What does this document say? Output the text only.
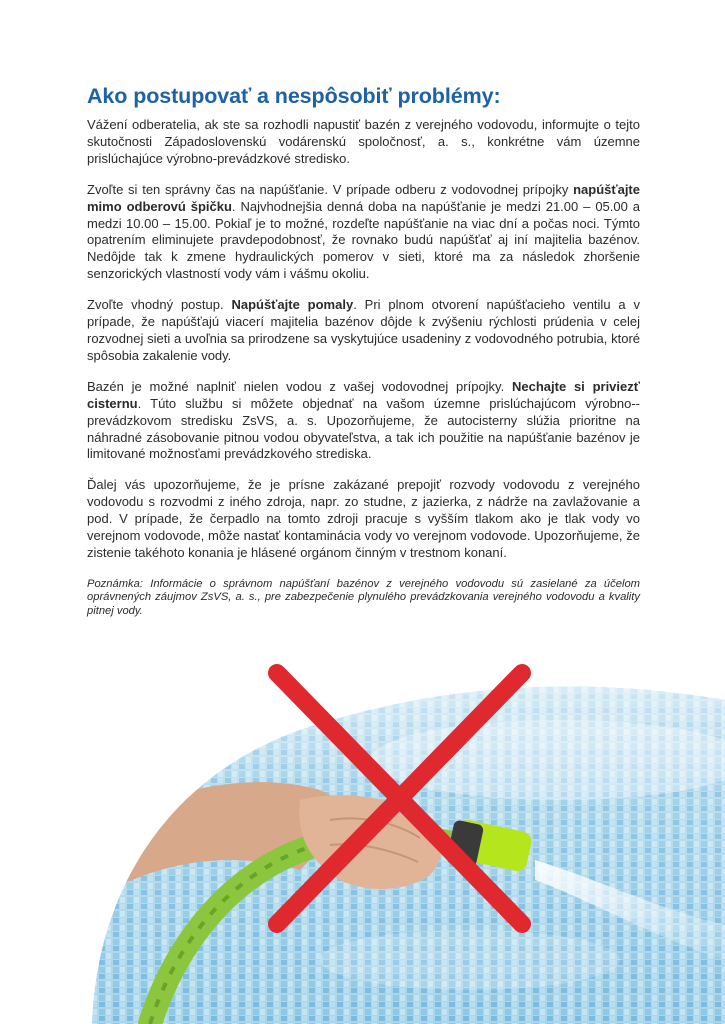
Ako postupovať a nespôsobiť problémy:

Vážení odberatelia, ak ste sa rozhodli napustiť bazén z verejného vodovodu, informujte o tejto skutočnosti Západoslovenskú vodárenskú spoločnosť, a. s., konkrétne vám územne prislúchajúce výrobno-prevádzkové stredisko.

Zvoľte si ten správny čas na napúšťanie. V prípade odberu z vodovodnej prípojky napúšťajte mimo odberovú špičku. Najvhodnejšia denná doba na napúšťanie je medzi 21.00 – 05.00 a medzi 10.00 – 15.00. Pokiaľ je to možné, rozdeľte napúšťanie na viac dní a počas noci. Týmto opatrením eliminujete pravdepodobnosť, že rovnako budú napúšťať aj iní majitelia bazénov. Nedôjde tak k zmene hydraulických pomerov v sieti, ktoré ma za následok zhoršenie senzorických vlastností vody vám i vášmu okoliu.

Zvoľte vhodný postup. Napúšťajte pomaly. Pri plnom otvorení napúšťacieho ventilu a v prípade, že napúšťajú viacerí majitelia bazénov dôjde k zvýšeniu rýchlosti prúdenia v celej rozvodnej sieti a uvoľnia sa prirodzene sa vyskytujúce usadeniny z vodovodného potrubia, ktoré spôsobia zakalenie vody.

Bazén je možné naplniť nielen vodou z vašej vodovodnej prípojky. Nechajte si priviezť cisternu. Túto službu si môžete objednať na vašom územne prislúchajúcom výrobno--prevádzkovom stredisku ZsVS, a. s. Upozorňujeme, že autocisterny slúžia prioritne na náhradné zásobovanie pitnou vodou obyvateľstva, a tak ich použitie na napúšťanie bazénov je limitované možnosťami prevádzkového strediska.

Ďalej vás upozorňujeme, že je prísne zakázané prepojiť rozvody vodovodu z verejného vodovodu s rozvodmi z iného zdroja, napr. zo studne, z jazierka, z nádrže na zavlažovanie a pod. V prípade, že čerpadlo na tomto zdroji pracuje s vyšším tlakom ako je tlak vody vo verejnom vodovode, môže nastať kontaminácia vody vo verejnom vodovode. Upozorňujeme, že zistenie takéhoto konania je hlásené orgánom činným v trestnom konaní.

Poznámka: Informácie o správnom napúšťaní bazénov z verejného vodovodu sú zasielané za účelom oprávnených záujmov ZsVS, a. s., pre zabezpečenie plynulého prevádzkovania verejného vodovodu a kvality pitnej vody.
